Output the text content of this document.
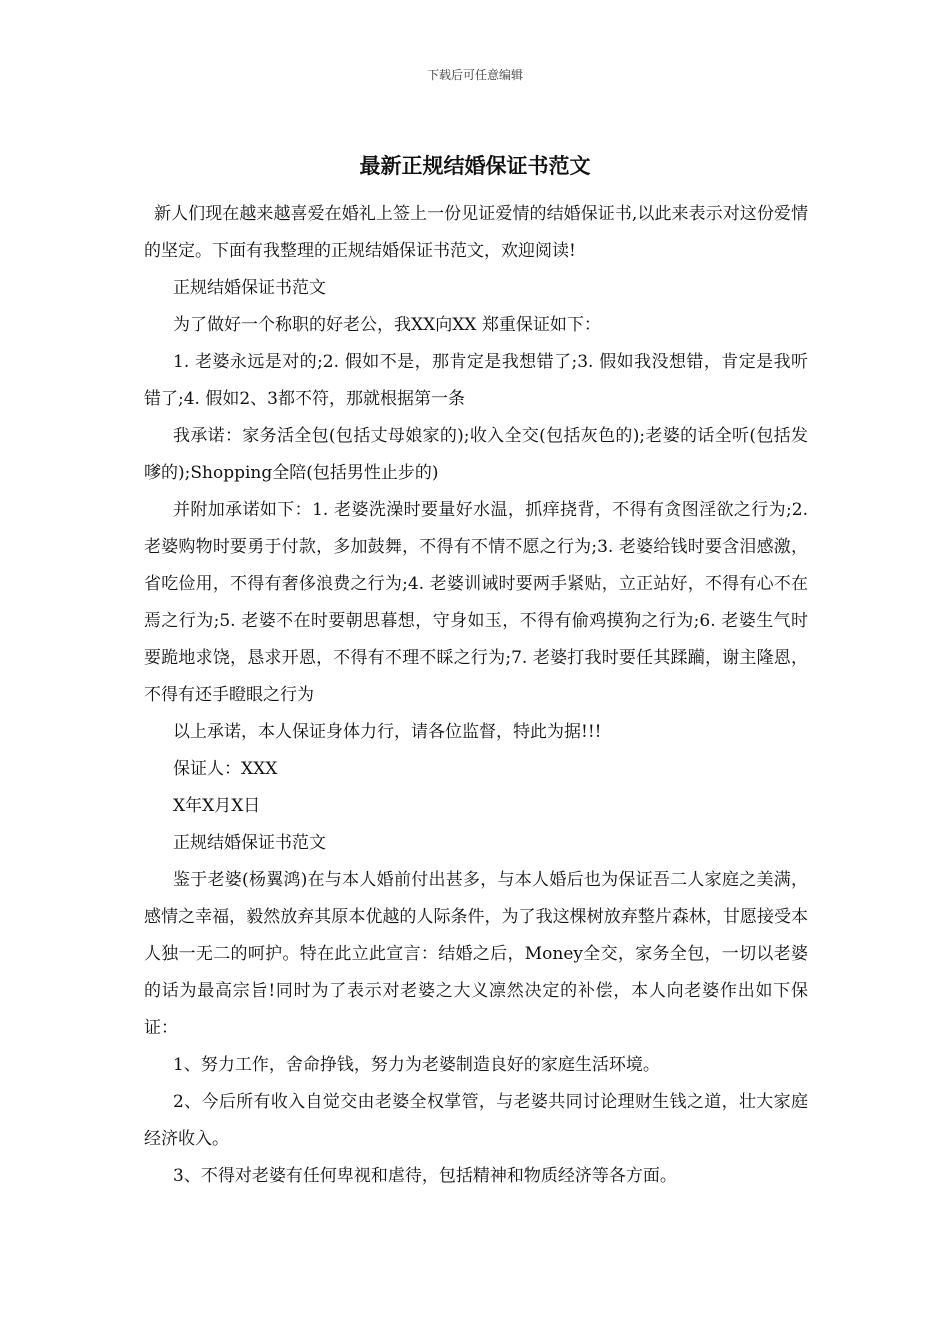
下载后可任意编辑
最新正规结婚保证书范文

新人们现在越来越喜爱在婚礼上签上一份见证爱情的结婚保证书,以此来表示对这份爱情的坚定。下面有我整理的正规结婚保证书范文，欢迎阅读!

正规结婚保证书范文

为了做好一个称职的好老公，我XX向XX 郑重保证如下：

1. 老婆永远是对的;2. 假如不是，那肯定是我想错了;3. 假如我没想错，肯定是我听错了;4. 假如2、3都不符，那就根据第一条

我承诺：家务活全包(包括丈母娘家的);收入全交(包括灰色的);老婆的话全听(包括发嗲的);Shopping全陪(包括男性止步的)

并附加承诺如下：1. 老婆洗澡时要量好水温，抓痒挠背，不得有贪图淫欲之行为;2. 老婆购物时要勇于付款，多加鼓舞，不得有不情不愿之行为;3. 老婆给钱时要含泪感激，省吃俭用，不得有奢侈浪费之行为;4. 老婆训诫时要两手紧贴，立正站好，不得有心不在焉之行为;5. 老婆不在时要朝思暮想，守身如玉，不得有偷鸡摸狗之行为;6. 老婆生气时要跪地求饶，恳求开恩，不得有不理不睬之行为;7. 老婆打我时要任其蹂躏，谢主隆恩，不得有还手瞪眼之行为

以上承诺，本人保证身体力行，请各位监督，特此为据!!!

保证人：XXX

X年X月X日

正规结婚保证书范文

鉴于老婆(杨翼鸿)在与本人婚前付出甚多，与本人婚后也为保证吾二人家庭之美满，感情之幸福，毅然放弃其原本优越的人际条件，为了我这棵树放弃整片森林，甘愿接受本人独一无二的呵护。特在此立此宣言：结婚之后，Money全交，家务全包，一切以老婆的话为最高宗旨!同时为了表示对老婆之大义凛然决定的补偿，本人向老婆作出如下保证：

1、努力工作，舍命挣钱，努力为老婆制造良好的家庭生活环境。

2、今后所有收入自觉交由老婆全权掌管，与老婆共同讨论理财生钱之道，壮大家庭经济收入。

3、不得对老婆有任何卑视和虐待，包括精神和物质经济等各方面。
